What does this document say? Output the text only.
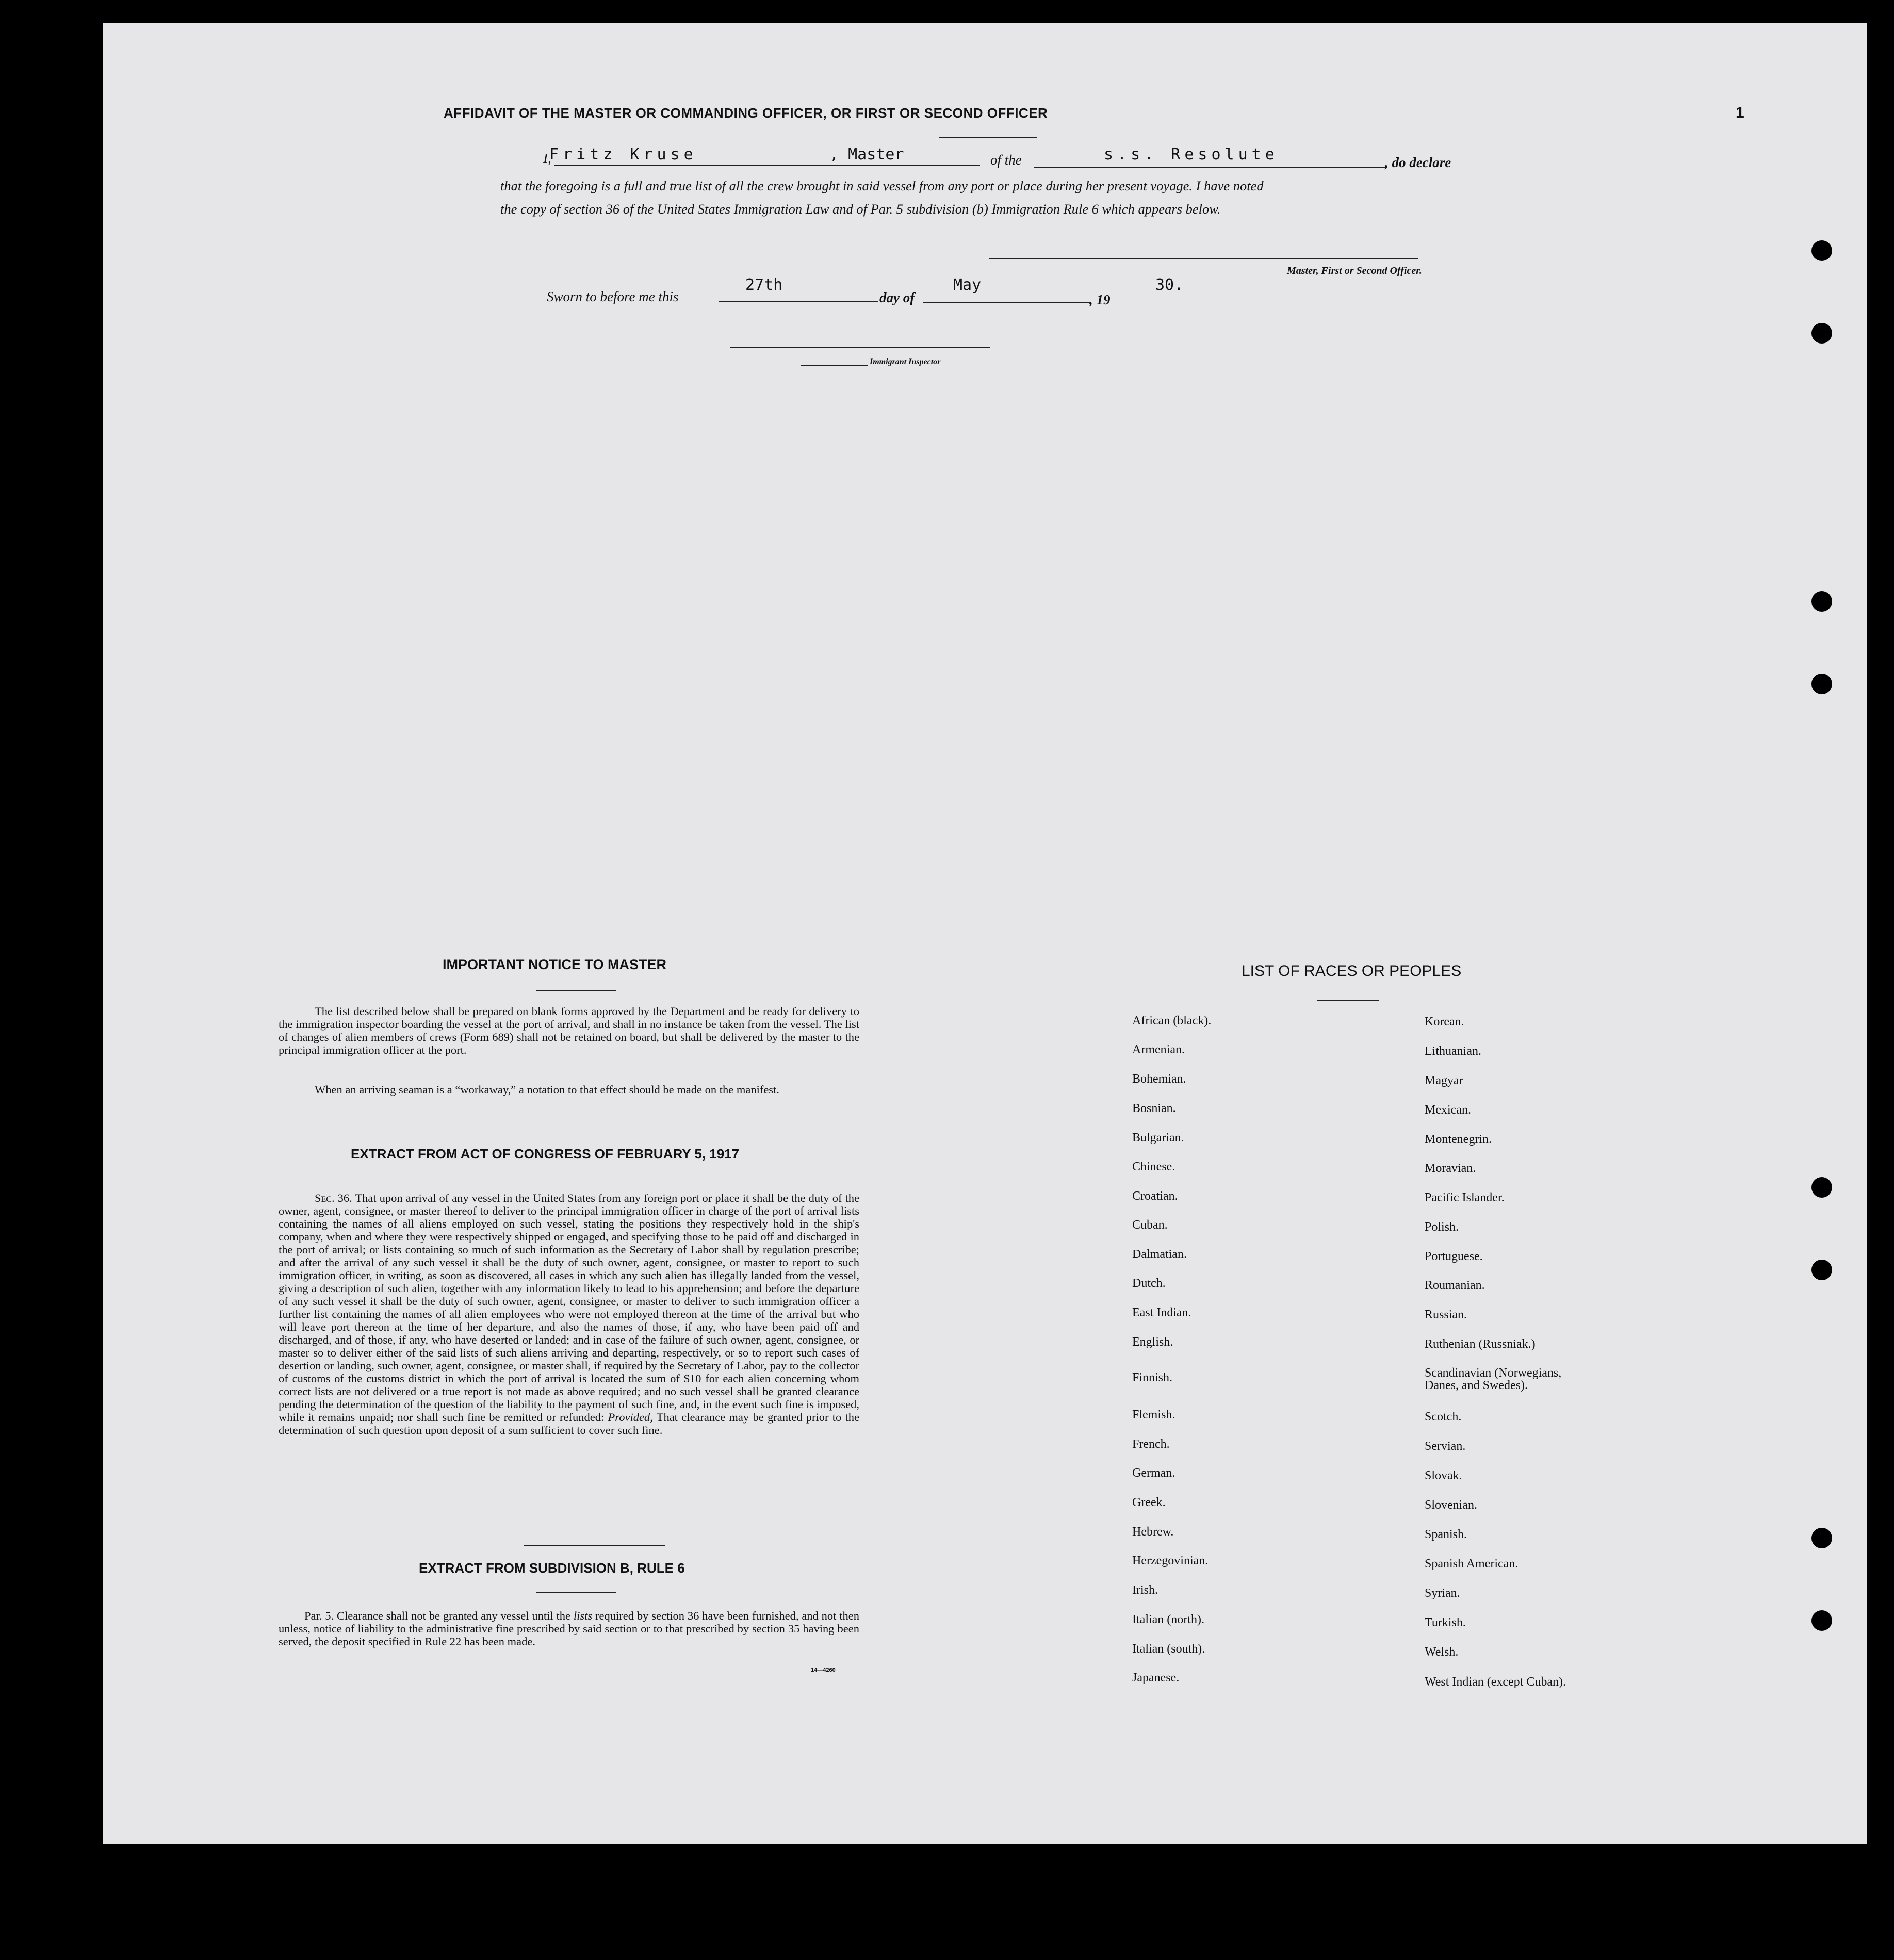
AFFIDAVIT OF THE MASTER OR COMMANDING OFFICER, OR FIRST OR SECOND OFFICER	1
I,
Fritz Kruse	, Master	of the	s.s. Resolute	, do declare
that the foregoing is a full and true list of all the crew brought in said vessel from any port or place during her present voyage. I have noted
the copy of section 36 of the United States Immigration Law and of Par. 5 subdivision (b) Immigration Rule 6 which appears below.
Master, First or Second Officer.
Sworn to before me this
27th
day of
May
, 19
30.
Immigrant Inspector
IMPORTANT NOTICE TO MASTER
The list described below shall be prepared on blank forms approved by the Department and be ready for delivery to the immigration inspector boarding the vessel at the port of arrival, and shall in no instance be taken from the vessel. The list of changes of alien members of crews (Form 689) shall not be retained on board, but shall be delivered by the master to the principal immigration officer at the port.
When an arriving seaman is a “workaway,” a notation to that effect should be made on the manifest.
EXTRACT FROM ACT OF CONGRESS OF FEBRUARY 5, 1917
Sec. 36. That upon arrival of any vessel in the United States from any foreign port or place it shall be the duty of the owner, agent, consignee, or master thereof to deliver to the principal immigration officer in charge of the port of arrival lists containing the names of all aliens employed on such vessel, stating the positions they respectively hold in the ship's company, when and where they were respectively shipped or engaged, and specifying those to be paid off and discharged in the port of arrival; or lists containing so much of such information as the Secretary of Labor shall by regulation prescribe; and after the arrival of any such vessel it shall be the duty of such owner, agent, consignee, or master to report to such immigration officer, in writing, as soon as discovered, all cases in which any such alien has illegally landed from the vessel, giving a description of such alien, together with any information likely to lead to his apprehension; and before the departure of any such vessel it shall be the duty of such owner, agent, consignee, or master to deliver to such immigration officer a further list containing the names of all alien employees who were not employed thereon at the time of the arrival but who will leave port thereon at the time of her departure, and also the names of those, if any, who have been paid off and discharged, and of those, if any, who have deserted or landed; and in case of the failure of such owner, agent, consignee, or master so to deliver either of the said lists of such aliens arriving and departing, respectively, or so to report such cases of desertion or landing, such owner, agent, consignee, or master shall, if required by the Secretary of Labor, pay to the collector of customs of the customs district in which the port of arrival is located the sum of $10 for each alien concerning whom correct lists are not delivered or a true report is not made as above required; and no such vessel shall be granted clearance pending the determination of the question of the liability to the payment of such fine, and, in the event such fine is imposed, while it remains unpaid; nor shall such fine be remitted or refunded: Provided, That clearance may be granted prior to the determination of such question upon deposit of a sum sufficient to cover such fine.
EXTRACT FROM SUBDIVISION B, RULE 6
Par. 5. Clearance shall not be granted any vessel until the lists required by section 36 have been furnished, and not then unless, notice of liability to the administrative fine prescribed by said section or to that prescribed by section 35 having been served, the deposit specified in Rule 22 has been made.
14—4260
LIST OF RACES OR PEOPLES
African (black).
Armenian.
Bohemian.
Bosnian.
Bulgarian.
Chinese.
Croatian.
Cuban.
Dalmatian.
Dutch.
East Indian.
English.
Finnish.
Flemish.
French.
German.
Greek.
Hebrew.
Herzegovinian.
Irish.
Italian (north).
Italian (south).
Japanese.
Korean.
Lithuanian.
Magyar
Mexican.
Montenegrin.
Moravian.
Pacific Islander.
Polish.
Portuguese.
Roumanian.
Russian.
Ruthenian (Russniak.)
Scandinavian (Norwegians,
Danes, and Swedes).
Scotch.
Servian.
Slovak.
Slovenian.
Spanish.
Spanish American.
Syrian.
Turkish.
Welsh.
West Indian (except Cuban).
